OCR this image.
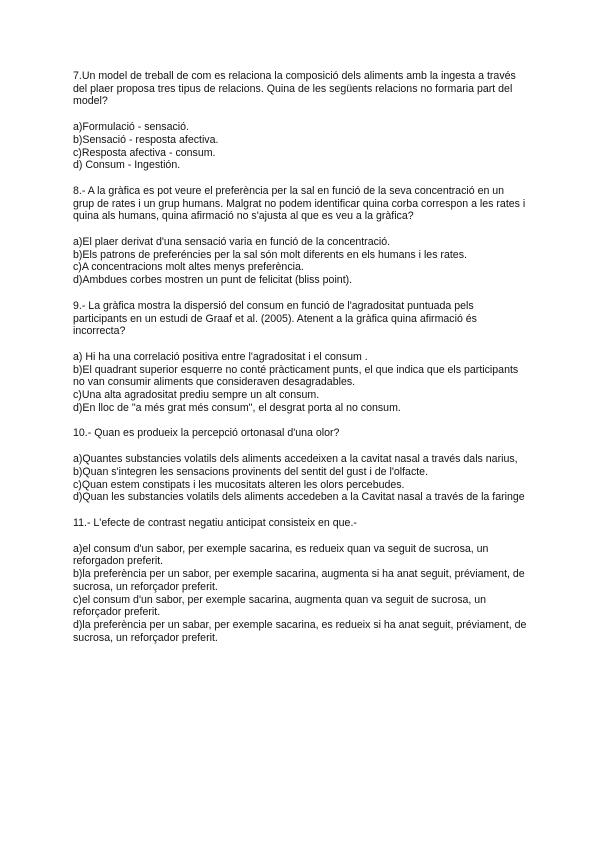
7.Un model de treball de com es relaciona la composició dels aliments amb la ingesta a través del plaer proposa tres tipus de relacions. Quina de les següents relacions no formaria part del model?

a)Formulació - sensació.
b)Sensació - resposta afectiva.
c)Resposta afectiva - consum.
d) Consum - Ingestión.

8.- A la gràfica es pot veure el preferència per la sal en funció de la seva concentració en un grup de rates i un grup humans. Malgrat no podem identificar quina corba correspon a les rates i quina als humans, quina afirmació no s'ajusta al que es veu a la gràfica?

a)El plaer derivat d'una sensació varia en funció de la concentració.
b)Els patrons de preferéncies per la sal són molt diferents en els humans i les rates.
c)A concentracions molt altes menys preferència.
d)Ambdues corbes mostren un punt de felicitat (bliss point).

9.- La gràfica mostra la dispersió del consum en funció de l'agradositat puntuada pels participants en un estudi de Graaf et al. (2005). Atenent a la gràfica quina afirmació és incorrecta?

a) Hi ha una correlació positiva entre l'agradositat i el consum .
b)El quadrant superior esquerre no conté pràcticament punts, el que indica que els participants no van consumir aliments que consideraven desagradables.
c)Una alta agradositat prediu sempre un alt consum.
d)En lloc de "a més grat més consum", el desgrat porta al no consum.

10.- Quan es produeix la percepció ortonasal d'una olor?

a)Quantes substancies volatils dels aliments accedeixen a la cavitat nasal a través dals narius,
b)Quan s'integren les sensacions provinents del sentit del gust i de l'olfacte.
c)Quan estem constipats i les mucositats alteren les olors percebudes.
d)Quan les substancies volatils dels aliments accedeben a la Cavitat nasal a través de la faringe

11.- L'efecte de contrast negatiu anticipat consisteix en que.-

a)el consum d'un sabor, per exemple sacarina, es redueix quan va seguit de sucrosa, un reforgadon preferit.
b)la preferència per un sabor, per exemple sacarina, augmenta si ha anat seguit, préviament, de sucrosa, un reforçador preferit.
c)el consum d'un sabor, per exemple sacarina, augmenta quan va seguit de sucrosa, un reforçador preferit.
d)la preferència per un sabar, per exemple sacarina, es redueix si ha anat seguit, préviament, de sucrosa, un reforçador preferit.
